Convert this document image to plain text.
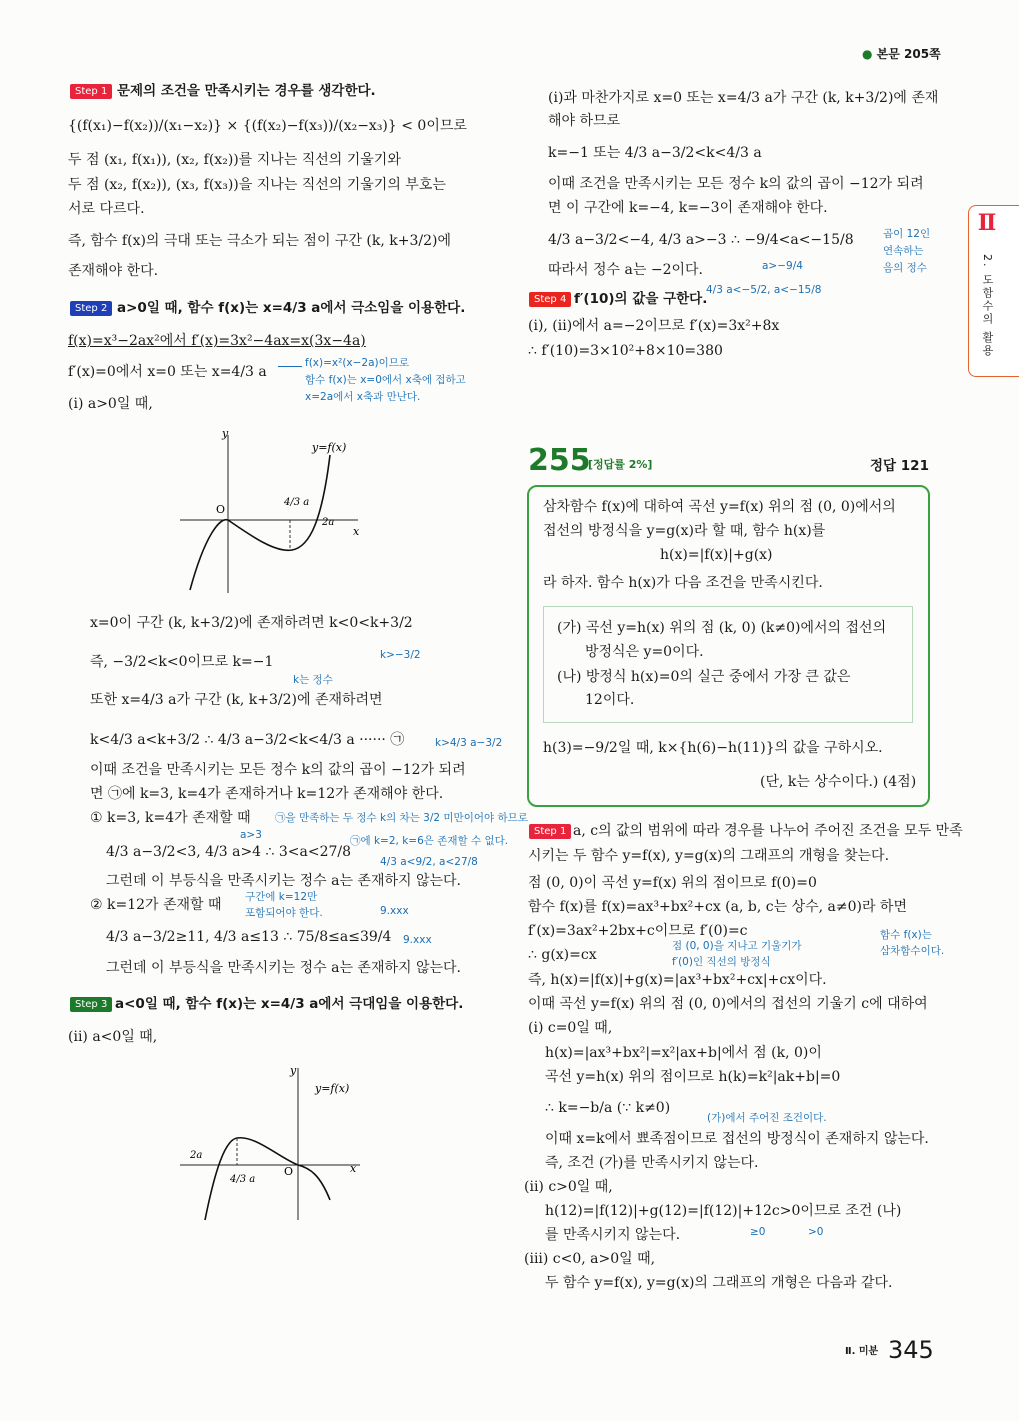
● 본문 205쪽
Ⅱ
2. 도함수의 활용
Step 1 문제의 조건을 만족시키는 경우를 생각한다.
{(f(x₁)−f(x₂))/(x₁−x₂)} × {(f(x₂)−f(x₃))/(x₂−x₃)} < 0이므로
두 점 (x₁, f(x₁)), (x₂, f(x₂))를 지나는 직선의 기울기와
두 점 (x₂, f(x₂)), (x₃, f(x₃))을 지나는 직선의 기울기의 부호는
서로 다르다.
즉, 함수 f(x)의 극대 또는 극소가 되는 점이 구간 (k, k+3/2)에
존재해야 한다.
Step 2 a>0일 때, 함수 f(x)는 x=4/3 a에서 극소임을 이용한다.
f(x)=x³−2ax²에서 f′(x)=3x²−4ax=x(3x−4a)
f′(x)=0에서 x=0 또는 x=4/3 a
f(x)=x²(x−2a)이므로
함수 f(x)는 x=0에서 x축에 접하고
x=2a에서 x축과 만난다.
(i) a>0일 때,
y
x
O
4/3 a
2a
y=f(x)
x=0이 구간 (k, k+3/2)에 존재하려면 k<0<k+3/2
k>−3/2
즉, −3/2<k<0이므로 k=−1
k는 정수
또한 x=4/3 a가 구간 (k, k+3/2)에 존재하려면
k<4/3 a<k+3/2 ∴ 4/3 a−3/2<k<4/3 a ······ ㉠	k>4/3 a−3/2
이때 조건을 만족시키는 모든 정수 k의 값의 곱이 −12가 되려
면 ㉠에 k=3, k=4가 존재하거나 k=12가 존재해야 한다.
① k=3, k=4가 존재할 때 ㉠을 만족하는 두 정수 k의 차는 3/2 미만이어야 하므로
a>3	㉠에 k=2, k=6은 존재할 수 없다.
4/3 a−3/2<3, 4/3 a>4 ∴ 3<a<27/8
4/3 a<9/2, a<27/8
그런데 이 부등식을 만족시키는 정수 a는 존재하지 않는다.
② k=12가 존재할 때 구간에 k=12만
포함되어야 한다.	9.xxx
4/3 a−3/2≥11, 4/3 a≤13 ∴ 75/8≤a≤39/4 9.xxx
그런데 이 부등식을 만족시키는 정수 a는 존재하지 않는다.
Step 3 a<0일 때, 함수 f(x)는 x=4/3 a에서 극대임을 이용한다.
(ii) a<0일 때,
y
x
O
4/3 a
2a
y=f(x)
(i)과 마찬가지로 x=0 또는 x=4/3 a가 구간 (k, k+3/2)에 존재
해야 하므로
k=−1 또는 4/3 a−3/2<k<4/3 a
이때 조건을 만족시키는 모든 정수 k의 값의 곱이 −12가 되려
면 이 구간에 k=−4, k=−3이 존재해야 한다.
4/3 a−3/2<−4, 4/3 a>−3 ∴ −9/4<a<−15/8	곱이 12인
연속하는
음의 정수
따라서 정수 a는 −2이다.	a>−9/4
4/3 a<−5/2, a<−15/8
Step 4 f′(10)의 값을 구한다.
(i), (ii)에서 a=−2이므로 f′(x)=3x²+8x
∴ f′(10)=3×10²+8×10=380
255
[정답률 2%]	정답 121
삼차함수 f(x)에 대하여 곡선 y=f(x) 위의 점 (0, 0)에서의
접선의 방정식을 y=g(x)라 할 때, 함수 h(x)를
h(x)=|f(x)|+g(x)
라 하자. 함수 h(x)가 다음 조건을 만족시킨다.
(가) 곡선 y=h(x) 위의 점 (k, 0) (k≠0)에서의 접선의
방정식은 y=0이다.
(나) 방정식 h(x)=0의 실근 중에서 가장 큰 값은
12이다.
h(3)=−9/2일 때, k×{h(6)−h(11)}의 값을 구하시오.
(단, k는 상수이다.) (4점)
Step 1 a, c의 값의 범위에 따라 경우를 나누어 주어진 조건을 모두 만족
시키는 두 함수 y=f(x), y=g(x)의 그래프의 개형을 찾는다.
점 (0, 0)이 곡선 y=f(x) 위의 점이므로 f(0)=0
함수 f(x)를 f(x)=ax³+bx²+cx (a, b, c는 상수, a≠0)라 하면
f′(x)=3ax²+2bx+c이므로 f′(0)=c	함수 f(x)는
삼차함수이다.
점 (0, 0)을 지나고 기울기가
f′(0)인 직선의 방정식
∴ g(x)=cx
즉, h(x)=|f(x)|+g(x)=|ax³+bx²+cx|+cx이다.
이때 곡선 y=f(x) 위의 점 (0, 0)에서의 접선의 기울기 c에 대하여
(i) c=0일 때,
h(x)=|ax³+bx²|=x²|ax+b|에서 점 (k, 0)이
곡선 y=h(x) 위의 점이므로 h(k)=k²|ak+b|=0
∴ k=−b/a (∵ k≠0)
(가)에서 주어진 조건이다.
이때 x=k에서 뾰족점이므로 접선의 방정식이 존재하지 않는다.
즉, 조건 (가)를 만족시키지 않는다.
(ii) c>0일 때,
h(12)=|f(12)|+g(12)=|f(12)|+12c>0이므로 조건 (나)
를 만족시키지 않는다.	≥0	>0
(iii) c<0, a>0일 때,
두 함수 y=f(x), y=g(x)의 그래프의 개형은 다음과 같다.
Ⅱ. 미분 345
